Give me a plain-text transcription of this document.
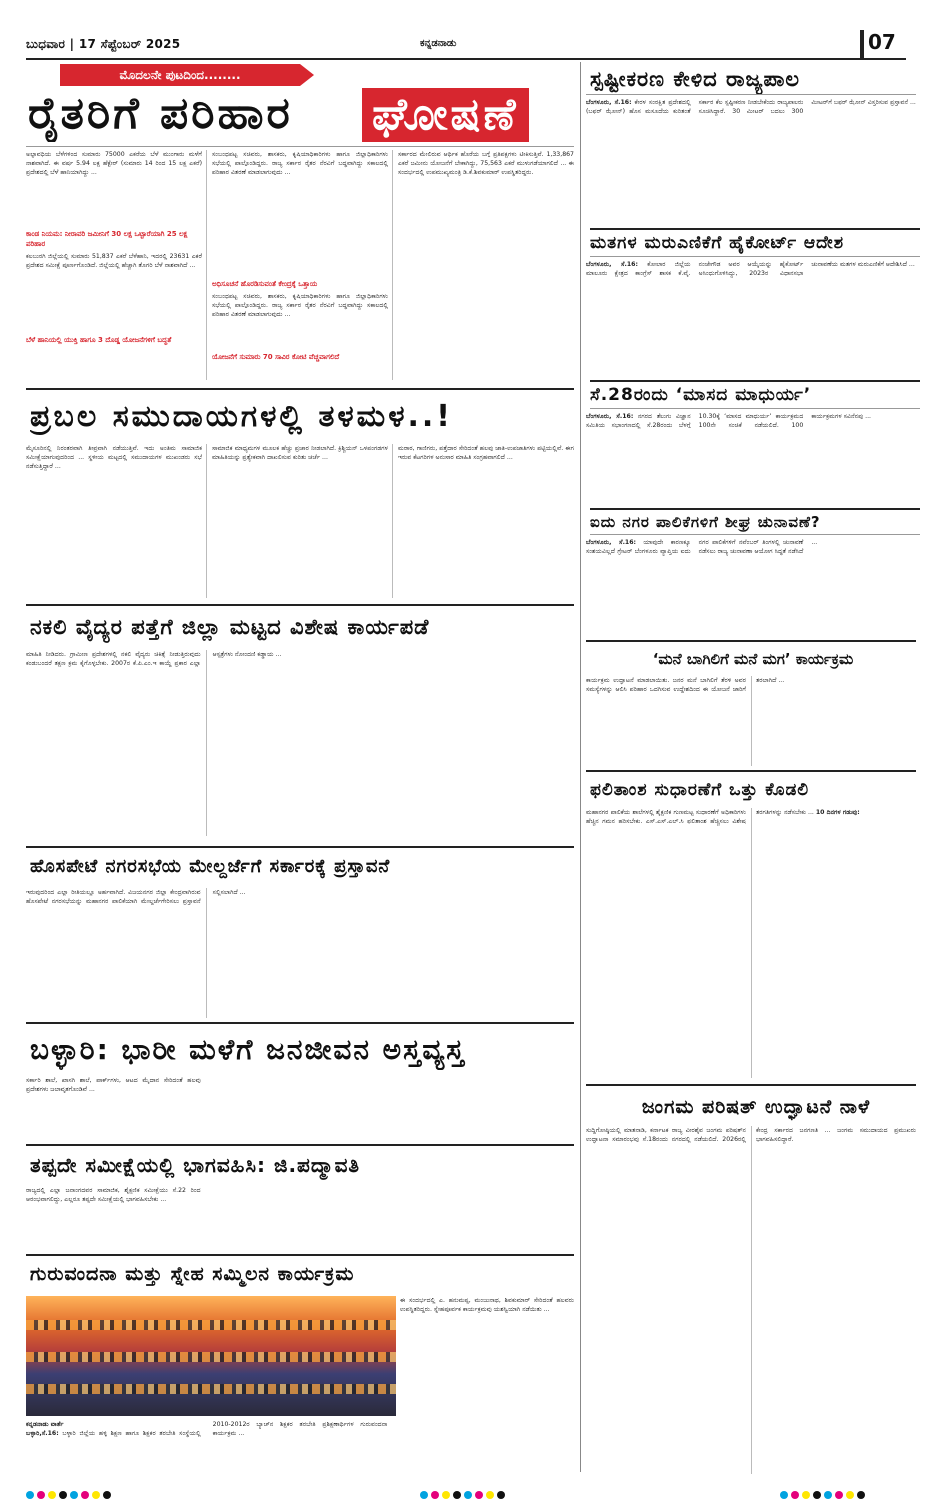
ಬುಧವಾರ | 17 ಸೆಪ್ಟೆಂಬರ್ 2025	ಕನ್ನಡನಾಡು	07
ಮೊದಲನೇ ಪುಟದಿಂದ........
ರೈತರಿಗೆ ಪರಿಹಾರ ಘೋಷಣೆ
ಅಲ್ಪಾವಧಿಯ ಬೆಳೆಗಳಿಂದ ಸುಮಾರು 75000 ಎಕರೆಯ ಬೆಳೆ ಮುಂಗಾರು ಮಳೆಗೆ ನಾಶವಾಗಿದೆ. ಈ ವರ್ಷ 5.94 ಲಕ್ಷ ಹೆಕ್ಟೇರ್ (ಸುಮಾರು 14 ರಿಂದ 15 ಲಕ್ಷ ಎಕರೆ) ಪ್ರದೇಶದಲ್ಲಿ ಬೆಳೆ ಹಾನಿಯಾಗಿದ್ದು ...
ಕಾಂಡ ನಿಯಮ: ನೀರಾವರಿ ಜಮೀನಿಗೆ 30 ಲಕ್ಷ ಒಟ್ಟಾರೆಯಾಗಿ 25 ಲಕ್ಷ ಪರಿಹಾರ
ಕಲಬುರಗಿ ಜಿಲ್ಲೆಯಲ್ಲಿ ಸುಮಾರು 51,837 ಎಕರೆ ಬೆಳೆಹಾನಿ, ಇದರಲ್ಲಿ 23631 ಎಕರೆ ಪ್ರದೇಶದ ಸಮೀಕ್ಷೆ ಪೂರ್ಣಗೊಂಡಿದೆ. ಜಿಲ್ಲೆಯಲ್ಲಿ ಹೆಚ್ಚಾಗಿ ತೊಗರಿ ಬೆಳೆ ನಾಶವಾಗಿದೆ ...
ಬೆಳೆ ಹಾನಿಯಲ್ಲಿ ಯುಕ್ತಿ ಹಾಗೂ 3 ದೊಡ್ಡ ಯೋಜನೆಗಳಿಗೆ ಬದ್ಧತೆ
ಸಂಬಂಧಪಟ್ಟ ಸಚಿವರು, ಶಾಸಕರು, ಕೃಷಿಯಾಧಿಕಾರಿಗಳು ಹಾಗೂ ಜಿಲ್ಲಾಧಿಕಾರಿಗಳು ಸಭೆಯಲ್ಲಿ ಪಾಲ್ಗೊಂಡಿದ್ದರು. ರಾಜ್ಯ ಸರ್ಕಾರ ರೈತರ ನೆರವಿಗೆ ಬದ್ಧವಾಗಿದ್ದು ಸಕಾಲದಲ್ಲಿ ಪರಿಹಾರ ವಿತರಣೆ ಮಾಡಲಾಗುವುದು ...
ಅಧಿಸೂಚನೆ ಹೊರಡಿಸುವಂತೆ ಕೇಂದ್ರಕ್ಕೆ ಒತ್ತಾಯ
ಸಂಬಂಧಪಟ್ಟ ಸಚಿವರು, ಶಾಸಕರು, ಕೃಷಿಯಾಧಿಕಾರಿಗಳು ಹಾಗೂ ಜಿಲ್ಲಾಧಿಕಾರಿಗಳು ಸಭೆಯಲ್ಲಿ ಪಾಲ್ಗೊಂಡಿದ್ದರು. ರಾಜ್ಯ ಸರ್ಕಾರ ರೈತರ ನೆರವಿಗೆ ಬದ್ಧವಾಗಿದ್ದು ಸಕಾಲದಲ್ಲಿ ಪರಿಹಾರ ವಿತರಣೆ ಮಾಡಲಾಗುವುದು ...
ಯೋಜನೆಗೆ ಸುಮಾರು 70 ಸಾವಿರ ಕೋಟಿ ವೆಚ್ಚವಾಗಲಿದೆ
ಸರ್ಕಾರದ ಮೇಲಿರುವ ಆರ್ಥಿಕ ಹೊರೆಯ ಬಗ್ಗೆ ಪ್ರತಿಪಕ್ಷಗಳು ಟೀಕಿಸುತ್ತಿವೆ. 1,33,867 ಎಕರೆ ಜಮೀನು ಯೋಜನೆಗೆ ಬೇಕಾಗಿದ್ದು, 75,563 ಎಕರೆ ಮುಳುಗಡೆಯಾಗಲಿದೆ ... ಈ ಸಂದರ್ಭದಲ್ಲಿ ಉಪಮುಖ್ಯಮಂತ್ರಿ ಡಿ.ಕೆ.ಶಿವಕುಮಾರ್ ಉಪಸ್ಥಿತರಿದ್ದರು.
ಸ್ಪಷ್ಟೀಕರಣ ಕೇಳಿದ ರಾಜ್ಯಪಾಲ
ಬೆಂಗಳೂರು, ಸೆ.16: ಕೇರಳ ಸಂರಕ್ಷಿತ ಪ್ರದೇಶದಲ್ಲಿ (ಬಫರ್ ಝೋನ್) ಹೊಸ ಮಸೂದೆಯ ಕುರಿತಂತೆ ಸರ್ಕಾರ ಕೆಲ ಸ್ಪಷ್ಟೀಕರಣ ನೀಡಬೇಕೆಂದು ರಾಜ್ಯಪಾಲರು ಸೂಚಿಸಿದ್ದಾರೆ. 30 ಮೀಟರ್ ಬದಲು 300 ಮೀಟರ್‌ಗೆ ಬಫರ್ ಝೋನ್ ವಿಸ್ತರಿಸುವ ಪ್ರಸ್ತಾವನೆ ...
ಮತಗಳ ಮರುಎಣಿಕೆಗೆ ಹೈಕೋರ್ಟ್ ಆದೇಶ
ಬೆಂಗಳೂರು, ಸೆ.16: ಕೋಲಾರ ಜಿಲ್ಲೆಯ ಮಾಲೂರು ಕ್ಷೇತ್ರದ ಕಾಂಗ್ರೆಸ್ ಶಾಸಕ ಕೆ.ವೈ. ನಂಜೇಗೌಡ ಅವರ ಆಯ್ಕೆಯನ್ನು ಹೈಕೋರ್ಟ್ ಅಸಿಂಧುಗೊಳಿಸಿದ್ದು, 2023ರ ವಿಧಾನಸಭಾ ಚುನಾವಣೆಯ ಮತಗಳ ಮರುಎಣಿಕೆಗೆ ಆದೇಶಿಸಿದೆ ...
ಸೆ.28ರಂದು ‘ಮಾಸದ ಮಾಧುರ್ಯ’
ಬೆಂಗಳೂರು, ಸೆ.16: ನಗರದ ತೆಲುಗು ವಿಜ್ಞಾನ ಸಮಿತಿಯ ಸಭಾಂಗಣದಲ್ಲಿ ಸೆ.28ರಂದು ಬೆಳಗ್ಗೆ 10.30ಕ್ಕೆ ‘ಮಾಸದ ಮಾಧುರ್ಯ’ ಕಾರ್ಯಕ್ರಮದ 100ನೇ ಸಂಚಿಕೆ ನಡೆಯಲಿದೆ. 100 ಕಾರ್ಯಕ್ರಮಗಳ ಸವಿನೆನಪು ...
ಐದು ನಗರ ಪಾಲಿಕೆಗಳಿಗೆ ಶೀಘ್ರ ಚುನಾವಣೆ?
ಬೆಂಗಳೂರು, ಸೆ.16: ಯಾವುದೇ ಕಾರಣಕ್ಕೂ ಸಂಶಯವಿಲ್ಲದೆ ಗ್ರೇಟರ್ ಬೆಂಗಳೂರು ವ್ಯಾಪ್ತಿಯ ಐದು ನಗರ ಪಾಲಿಕೆಗಳಿಗೆ ನವೆಂಬರ್ ತಿಂಗಳಲ್ಲಿ ಚುನಾವಣೆ ನಡೆಸಲು ರಾಜ್ಯ ಚುನಾವಣಾ ಆಯೋಗ ಸಿದ್ಧತೆ ನಡೆಸಿದೆ ...
ಪ್ರಬಲ ಸಮುದಾಯಗಳಲ್ಲಿ ತಳಮಳ..!
ಮೈಸೂರಿನಲ್ಲಿ ನಿರಂತರವಾಗಿ ತೀವ್ರವಾಗಿ ನಡೆಯುತ್ತಿವೆ. ಇದು ಅಂತಿಮ ಸಾಮಾಜಿಕ ಸಮೀಕ್ಷೆಯಾಗುವುದರಿಂದ ... ಸ್ಥಳೀಯ ಮಟ್ಟದಲ್ಲಿ ಸಮುದಾಯಗಳ ಮುಖಂಡರು ಸಭೆ ನಡೆಸುತ್ತಿದ್ದಾರೆ ...
ಸಾಮಾಜಿಕ ಮಾಧ್ಯಮಗಳ ಮೂಲಕ ಹೆಚ್ಚು ಪ್ರಚಾರ ನೀಡಲಾಗಿದೆ. ಕ್ರಿಶ್ಚಿಯನ್ ಒಳಪಂಗಡಗಳ ಮಾಹಿತಿಯನ್ನು ಪ್ರತ್ಯೇಕವಾಗಿ ದಾಖಲಿಸುವ ಕುರಿತು ಚರ್ಚೆ ...
ಮರಾಠ, ಗಾಣಿಗರು, ಪತ್ತೆದಾರ ಸೇರಿದಂತೆ ಹಲವು ಜಾತಿ-ಉಪಜಾತಿಗಳು ಪಟ್ಟಿಯಲ್ಲಿವೆ. ಈಗ ಇರುವ ಕೆಟಗರಿಗಳ ಅನುಸಾರ ಮಾಹಿತಿ ಸಂಗ್ರಹವಾಗಲಿದೆ ...
ನಕಲಿ ವೈದ್ಯರ ಪತ್ತೆಗೆ ಜಿಲ್ಲಾ ಮಟ್ಟದ ವಿಶೇಷ ಕಾರ್ಯಪಡೆ
ಮಾಹಿತಿ ನೀಡಿದರು. ಗ್ರಾಮೀಣ ಪ್ರದೇಶಗಳಲ್ಲಿ ನಕಲಿ ವೈದ್ಯರು ಚಿಕಿತ್ಸೆ ನೀಡುತ್ತಿರುವುದು ಕಂಡುಬಂದರೆ ತಕ್ಷಣ ಕ್ರಮ ಕೈಗೊಳ್ಳಬೇಕು. 2007ರ ಕೆ.ಪಿ.ಎಂ.ಇ ಕಾಯ್ದೆ ಪ್ರಕಾರ ಎಲ್ಲಾ ಆಸ್ಪತ್ರೆಗಳು ನೋಂದಣಿ ಕಡ್ಡಾಯ ...
ಹೊಸಪೇಟೆ ನಗರಸಭೆಯ ಮೇಲ್ದರ್ಜೆಗೆ ಸರ್ಕಾರಕ್ಕೆ ಪ್ರಸ್ತಾವನೆ
ಇರುವುದರಿಂದ ಎಲ್ಲಾ ರೀತಿಯಲ್ಲೂ ಅರ್ಹವಾಗಿದೆ. ವಿಜಯನಗರ ಜಿಲ್ಲಾ ಕೇಂದ್ರವಾಗಿರುವ ಹೊಸಪೇಟೆ ನಗರಸಭೆಯನ್ನು ಮಹಾನಗರ ಪಾಲಿಕೆಯಾಗಿ ಮೇಲ್ದರ್ಜೆಗೇರಿಸಲು ಪ್ರಸ್ತಾವನೆ ಸಲ್ಲಿಸಲಾಗಿದೆ ...
ಬಳ್ಳಾರಿ: ಭಾರೀ ಮಳೆಗೆ ಜನಜೀವನ ಅಸ್ತವ್ಯಸ್ತ
ಸರ್ಕಾರಿ ಶಾಲೆ, ಖಾಸಗಿ ಶಾಲೆ, ಪಾರ್ಕ್‌ಗಳು, ಆಟದ ಮೈದಾನ ಸೇರಿದಂತೆ ಹಲವು ಪ್ರದೇಶಗಳು ಜಲಾವೃತಗೊಂಡಿವೆ ...
ತಪ್ಪದೇ ಸಮೀಕ್ಷೆಯಲ್ಲಿ ಭಾಗವಹಿಸಿ: ಜಿ.ಪದ್ಮಾವತಿ
ರಾಜ್ಯದಲ್ಲಿ ಎಲ್ಲಾ ಜನಾಂಗದವರ ಸಾಮಾಜಿಕ, ಶೈಕ್ಷಣಿಕ ಸಮೀಕ್ಷೆಯು ಸೆ.22 ರಿಂದ ಆರಂಭವಾಗಲಿದ್ದು, ಎಲ್ಲರೂ ತಪ್ಪದೇ ಸಮೀಕ್ಷೆಯಲ್ಲಿ ಭಾಗವಹಿಸಬೇಕು ...
ಗುರುವಂದನಾ ಮತ್ತು ಸ್ನೇಹ ಸಮ್ಮಿಲನ ಕಾರ್ಯಕ್ರಮ
ಈ ಸಂದರ್ಭದಲ್ಲಿ ಎ. ಹನುಮಪ್ಪ, ಮಂಜುನಾಥ, ಶಿವಕುಮಾರ್ ಸೇರಿದಂತೆ ಹಲವರು ಉಪಸ್ಥಿತರಿದ್ದರು. ಸ್ನೇಹಪೂರ್ವಕ ಕಾರ್ಯಕ್ರಮವು ಯಶಸ್ವಿಯಾಗಿ ನಡೆಯಿತು ...
ಕನ್ನಡನಾಡು ವಾರ್ತೆ
ಬಳ್ಳಾರಿ,ಸೆ.16: ಬಳ್ಳಾರಿ ಜಿಲ್ಲೆಯ ಹಳ್ಳಿ ಶಿಕ್ಷಣ ಹಾಗೂ ಶಿಕ್ಷಕರ ತರಬೇತಿ ಸಂಸ್ಥೆಯಲ್ಲಿ 2010-2012ರ ಬ್ಯಾಚ್‌ನ ಶಿಕ್ಷಕರ ತರಬೇತಿ ಪ್ರಶಿಕ್ಷಣಾರ್ಥಿಗಳ ಗುರುವಂದನಾ ಕಾರ್ಯಕ್ರಮ ...
‘ಮನೆ ಬಾಗಿಲಿಗೆ ಮನೆ ಮಗ’ ಕಾರ್ಯಕ್ರಮ
ಕಾರ್ಯಕ್ರಮ ಉದ್ಘಾಟನೆ ಮಾಡಲಾಯಿತು. ಜನರ ಮನೆ ಬಾಗಿಲಿಗೆ ತೆರಳಿ ಅವರ ಸಮಸ್ಯೆಗಳನ್ನು ಆಲಿಸಿ ಪರಿಹಾರ ಒದಗಿಸುವ ಉದ್ದೇಶದಿಂದ ಈ ಯೋಜನೆ ಜಾರಿಗೆ ತರಲಾಗಿದೆ ...
ಫಲಿತಾಂಶ ಸುಧಾರಣೆಗೆ ಒತ್ತು ಕೊಡಲಿ
ಮಹಾನಗರ ಪಾಲಿಕೆಯ ಶಾಲೆಗಳಲ್ಲಿ ಶೈಕ್ಷಣಿಕ ಗುಣಮಟ್ಟ ಸುಧಾರಣೆಗೆ ಅಧಿಕಾರಿಗಳು ಹೆಚ್ಚಿನ ಗಮನ ಹರಿಸಬೇಕು. ಎಸ್.ಎಸ್.ಎಲ್.ಸಿ ಫಲಿತಾಂಶ ಹೆಚ್ಚಿಸಲು ವಿಶೇಷ ತರಗತಿಗಳನ್ನು ನಡೆಸಬೇಕು ... 10 ದಿನಗಳ ಗಡುವು:
ಜಂಗಮ ಪರಿಷತ್ ಉದ್ಘಾಟನೆ ನಾಳೆ
ಸುದ್ದಿಗೋಷ್ಠಿಯಲ್ಲಿ ಮಾತನಾಡಿ, ಕರ್ನಾಟಕ ರಾಜ್ಯ ವೀರಶೈವ ಜಂಗಮ ಪರಿಷತ್‌ನ ಉದ್ಘಾಟನಾ ಸಮಾರಂಭವು ಸೆ.18ರಂದು ನಗರದಲ್ಲಿ ನಡೆಯಲಿದೆ. 2026ರಲ್ಲಿ ಕೇಂದ್ರ ಸರ್ಕಾರದ ಜನಗಣತಿ ... ಜಂಗಮ ಸಮುದಾಯದ ಪ್ರಮುಖರು ಭಾಗವಹಿಸಲಿದ್ದಾರೆ.
